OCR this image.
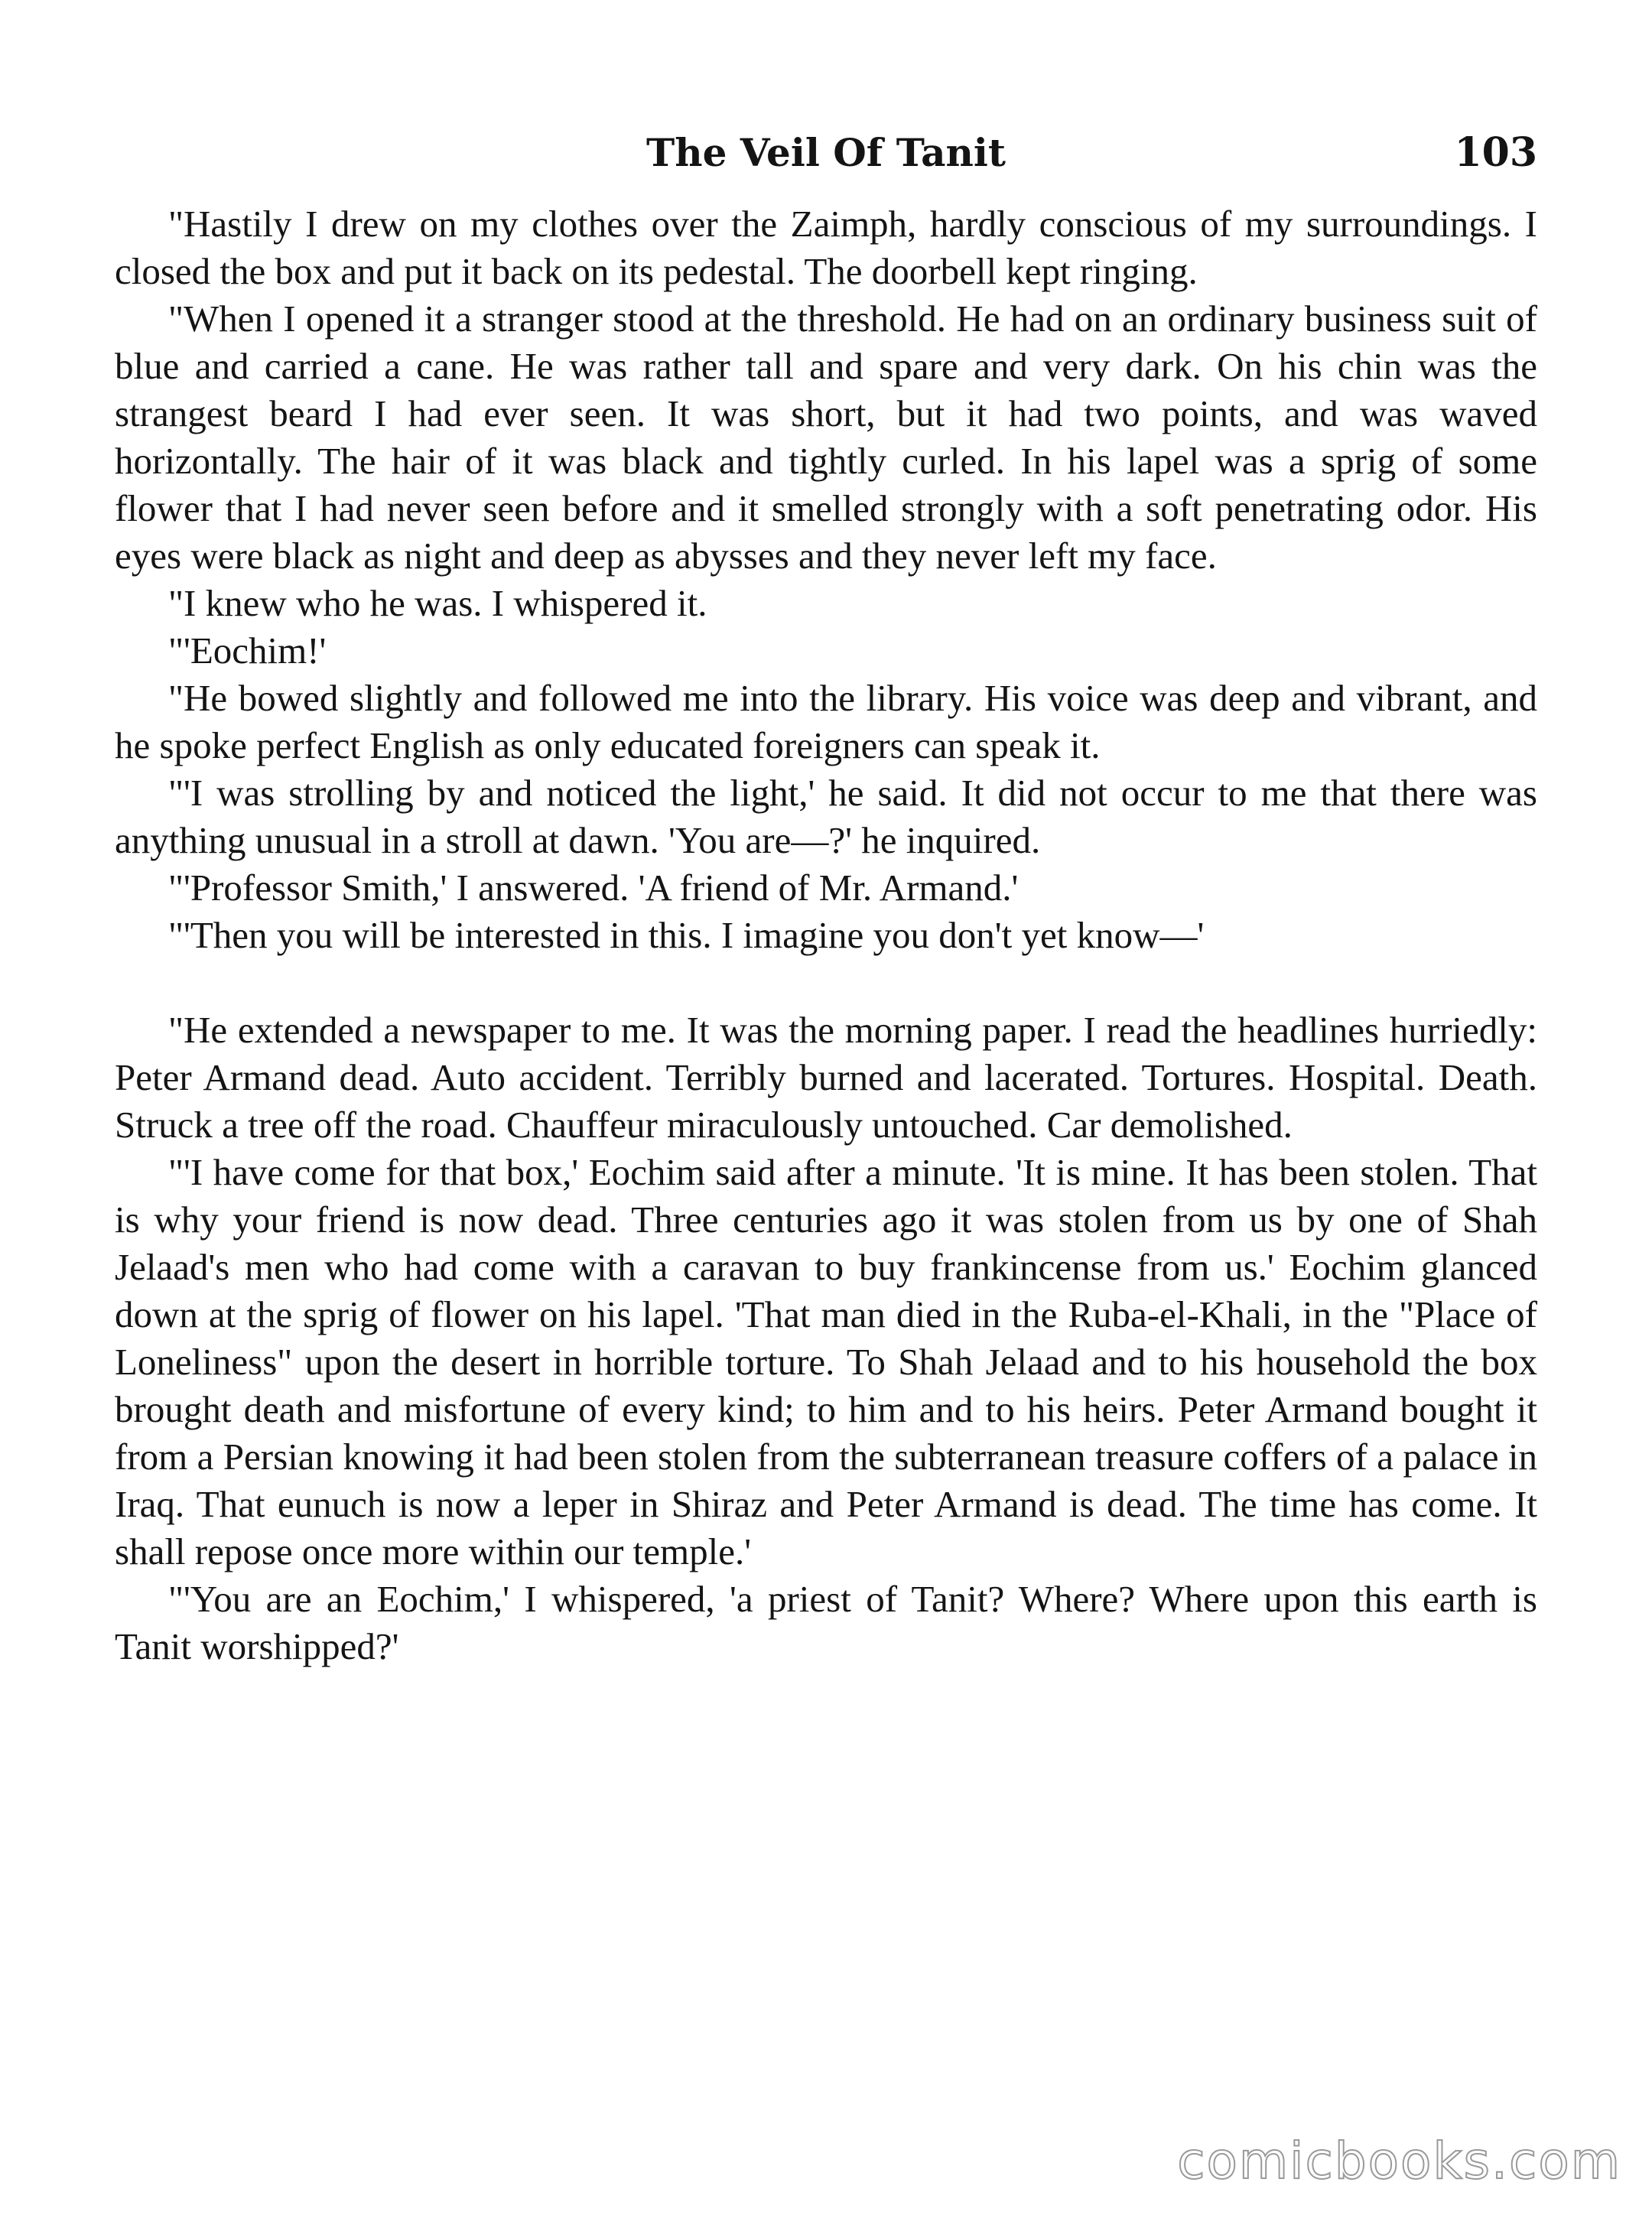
The Veil Of Tanit	103

"Hastily I drew on my clothes over the Zaimph, hardly conscious of my surroundings. I closed the box and put it back on its pedestal. The doorbell kept ringing.

"When I opened it a stranger stood at the threshold. He had on an ordinary business suit of blue and carried a cane. He was rather tall and spare and very dark. On his chin was the strangest beard I had ever seen. It was short, but it had two points, and was waved horizontally. The hair of it was black and tightly curled. In his lapel was a sprig of some flower that I had never seen before and it smelled strongly with a soft penetrating odor. His eyes were black as night and deep as abysses and they never left my face.

"I knew who he was. I whispered it.

"'Eochim!'

"He bowed slightly and followed me into the library. His voice was deep and vibrant, and he spoke perfect English as only educated foreigners can speak it.

"'I was strolling by and noticed the light,' he said. It did not occur to me that there was anything unusual in a stroll at dawn. 'You are—?' he inquired.

"'Professor Smith,' I answered. 'A friend of Mr. Armand.'

"'Then you will be interested in this. I imagine you don't yet know—'

"He extended a newspaper to me. It was the morning paper. I read the headlines hurriedly: Peter Armand dead. Auto accident. Terribly burned and lacerated. Tortures. Hospital. Death. Struck a tree off the road. Chauffeur miraculously untouched. Car demolished.

"'I have come for that box,' Eochim said after a minute. 'It is mine. It has been stolen. That is why your friend is now dead. Three centuries ago it was stolen from us by one of Shah Jelaad's men who had come with a caravan to buy frankincense from us.' Eochim glanced down at the sprig of flower on his lapel. 'That man died in the Ruba-el-Khali, in the "Place of Loneliness" upon the desert in horrible torture. To Shah Jelaad and to his household the box brought death and misfortune of every kind; to him and to his heirs. Peter Armand bought it from a Persian knowing it had been stolen from the subterranean treasure coffers of a palace in Iraq. That eunuch is now a leper in Shiraz and Peter Armand is dead. The time has come. It shall repose once more within our temple.'

"'You are an Eochim,' I whispered, 'a priest of Tanit? Where? Where upon this earth is Tanit worshipped?'

comicbooks.com
